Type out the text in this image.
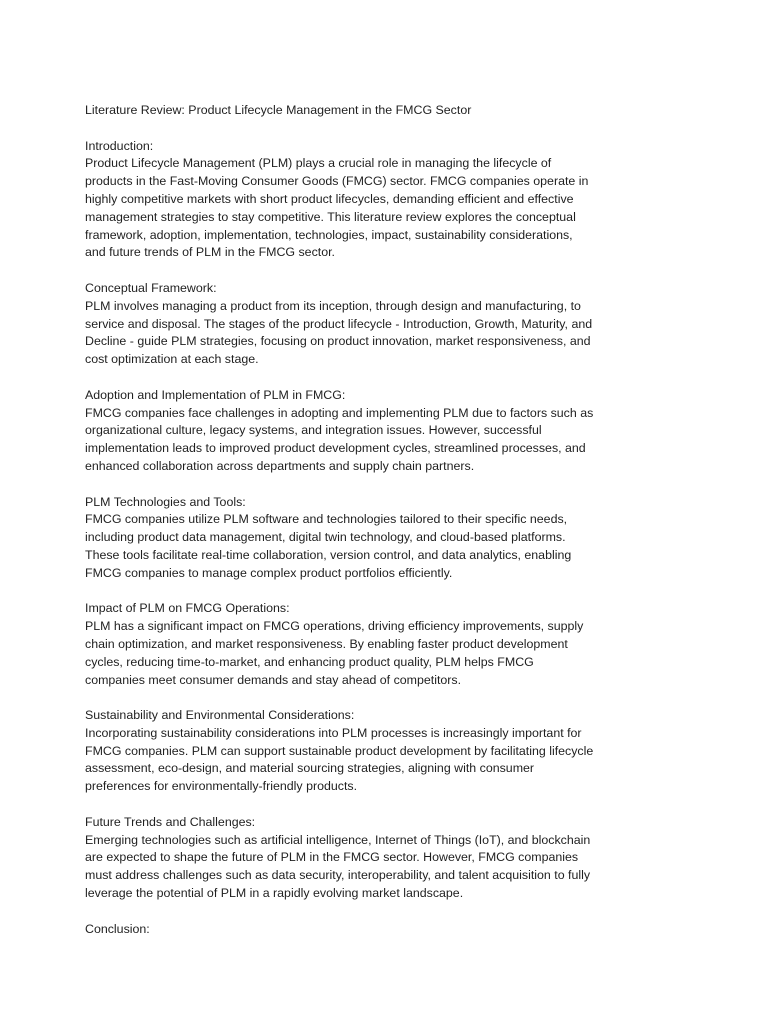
Literature Review: Product Lifecycle Management in the FMCG Sector

Introduction:

Product Lifecycle Management (PLM) plays a crucial role in managing the lifecycle of
products in the Fast-Moving Consumer Goods (FMCG) sector. FMCG companies operate in
highly competitive markets with short product lifecycles, demanding efficient and effective
management strategies to stay competitive. This literature review explores the conceptual
framework, adoption, implementation, technologies, impact, sustainability considerations,
and future trends of PLM in the FMCG sector.

Conceptual Framework:

PLM involves managing a product from its inception, through design and manufacturing, to
service and disposal. The stages of the product lifecycle - Introduction, Growth, Maturity, and
Decline - guide PLM strategies, focusing on product innovation, market responsiveness, and
cost optimization at each stage.

Adoption and Implementation of PLM in FMCG:

FMCG companies face challenges in adopting and implementing PLM due to factors such as
organizational culture, legacy systems, and integration issues. However, successful
implementation leads to improved product development cycles, streamlined processes, and
enhanced collaboration across departments and supply chain partners.

PLM Technologies and Tools:

FMCG companies utilize PLM software and technologies tailored to their specific needs,
including product data management, digital twin technology, and cloud-based platforms.
These tools facilitate real-time collaboration, version control, and data analytics, enabling
FMCG companies to manage complex product portfolios efficiently.

Impact of PLM on FMCG Operations:

PLM has a significant impact on FMCG operations, driving efficiency improvements, supply
chain optimization, and market responsiveness. By enabling faster product development
cycles, reducing time-to-market, and enhancing product quality, PLM helps FMCG
companies meet consumer demands and stay ahead of competitors.

Sustainability and Environmental Considerations:

Incorporating sustainability considerations into PLM processes is increasingly important for
FMCG companies. PLM can support sustainable product development by facilitating lifecycle
assessment, eco-design, and material sourcing strategies, aligning with consumer
preferences for environmentally-friendly products.

Future Trends and Challenges:

Emerging technologies such as artificial intelligence, Internet of Things (IoT), and blockchain
are expected to shape the future of PLM in the FMCG sector. However, FMCG companies
must address challenges such as data security, interoperability, and talent acquisition to fully
leverage the potential of PLM in a rapidly evolving market landscape.

Conclusion:
